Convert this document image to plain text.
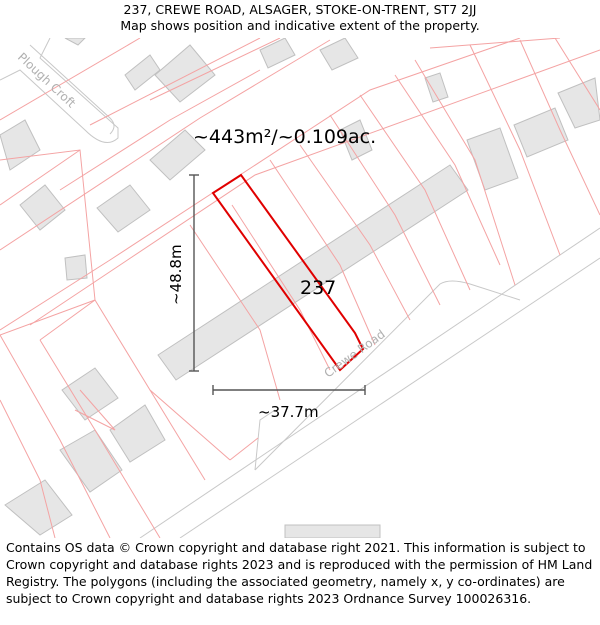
237, CREWE ROAD, ALSAGER, STOKE-ON-TRENT, ST7 2JJ
Map shows position and indicative extent of the property.
Plough Croft
Crewe Road
~443m²/~0.109ac.
237
~48.8m
~37.7m
Contains OS data © Crown copyright and database right 2021. This information is subject to Crown copyright and database rights 2023 and is reproduced with the permission of HM Land Registry. The polygons (including the associated geometry, namely x, y co-ordinates) are subject to Crown copyright and database rights 2023 Ordnance Survey 100026316.
